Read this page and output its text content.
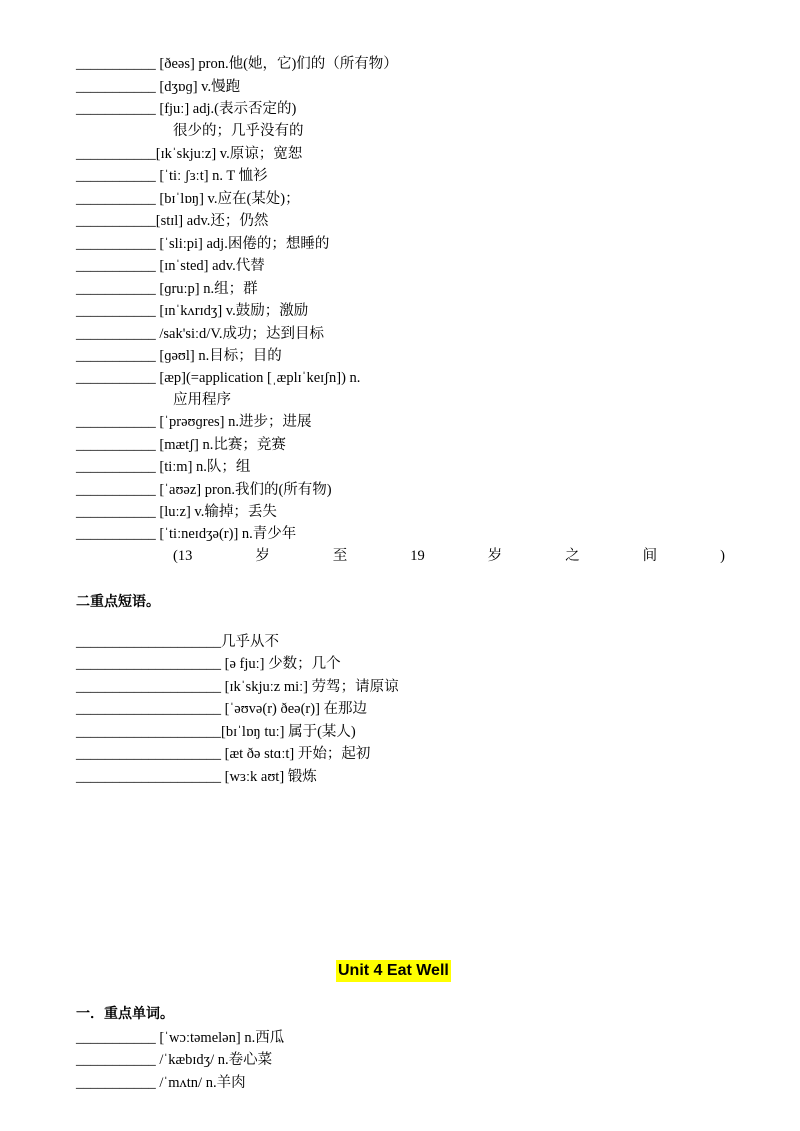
___________ [ðeəs] pron.他(她，它)们的（所有物）
___________ [dʒɒɡ] v.慢跑
___________ [fjuː] adj.(表示否定的)
很少的；几乎没有的
___________[ɪkˈskjuːz] v.原谅；宽恕
___________ [ˈtiː ʃɜːt] n. T 恤衫
___________ [bɪˈlɒŋ] v.应在(某处)；
___________[stɪl] adv.还；仍然
___________ [ˈsliːpi] adj.困倦的；想睡的
___________ [ɪnˈsted] adv.代替
___________ [ɡruːp] n.组；群
___________ [ɪnˈkʌrɪdʒ] v.鼓励；激励
___________ /sak'siːd/V.成功；达到目标
___________ [ɡəʊl] n.目标；目的
___________ [æp](=application [ˌæplɪˈkeɪʃn]) n.
应用程序
___________ [ˈprəʊɡres] n.进步；进展
___________ [mætʃ] n.比赛；竞赛
___________ [tiːm] n.队；组
___________ [ˈaʊəz] pron.我们的(所有物)
___________ [luːz] v.输掉；丢失
___________ [ˈtiːneɪdʒə(r)] n.青少年
(13	岁	至	19	岁	之	间	)
二重点短语。
____________________几乎从不
____________________ [ə fjuː] 少数；几个
____________________ [ɪkˈskjuːz miː] 劳驾；请原谅
____________________ [ˈəʊvə(r) ðeə(r)] 在那边
____________________[bɪˈlɒŋ tuː] 属于(某人)
____________________ [æt ðə stɑːt] 开始；起初
____________________ [wɜːk aʊt] 锻炼
Unit 4 Eat Well
一．重点单词。
___________ [ˈwɔːtəmelən] n.西瓜
___________ /ˈkæbɪdʒ/ n.卷心菜
___________ /ˈmʌtn/ n.羊肉
